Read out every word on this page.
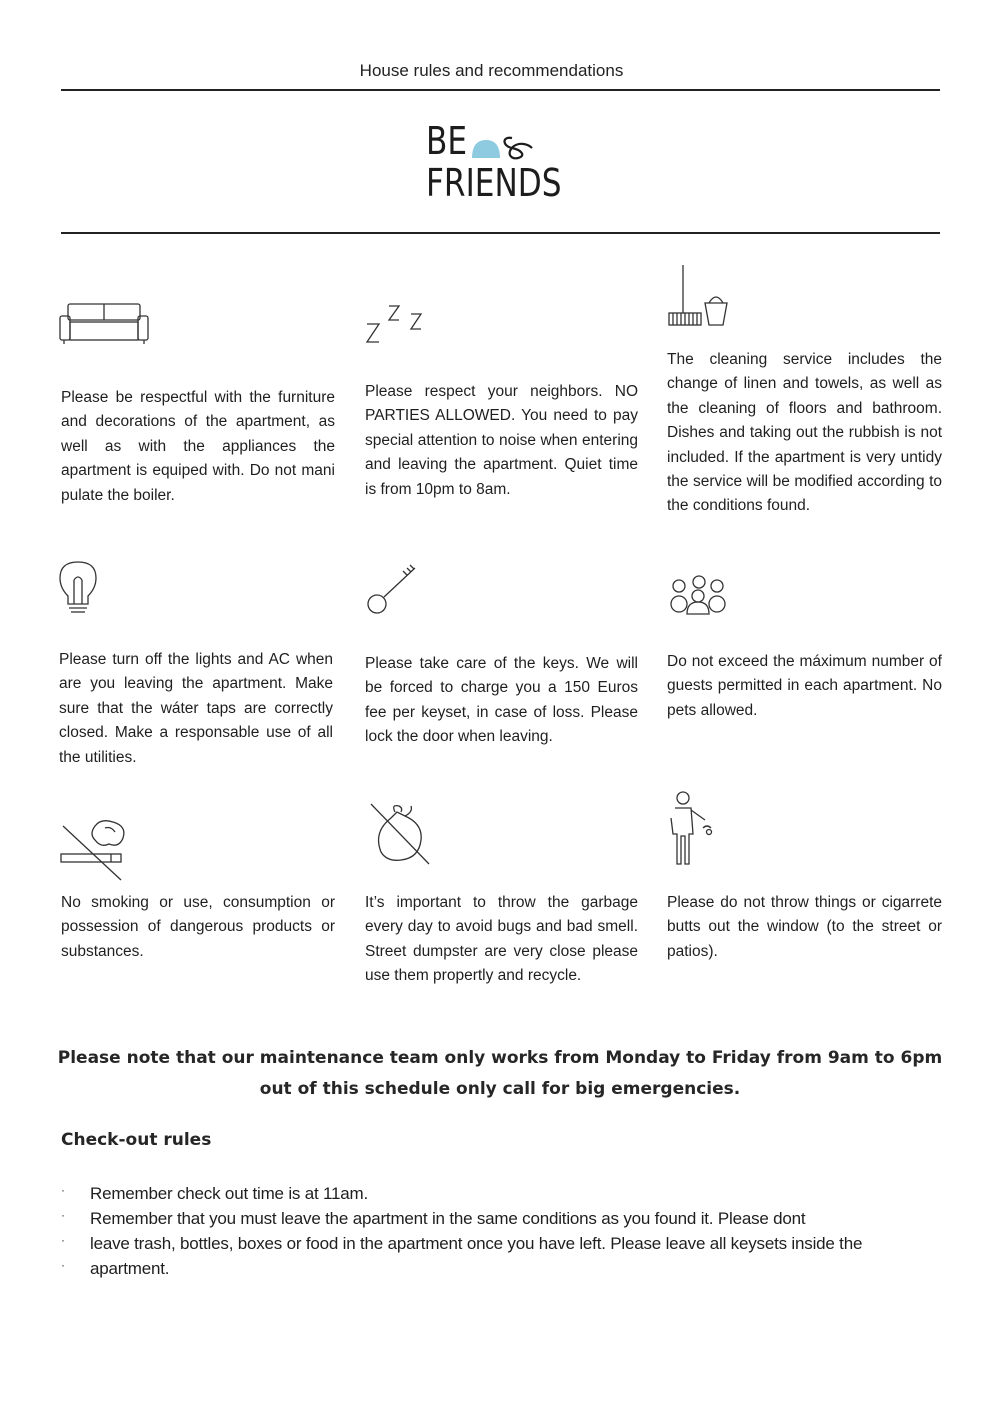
House rules and recommendations
BE
FRIENDS
Please be respectful with the furniture and decorations of the apartment, as well as with the appliances the apartment is equiped with. Do not mani pulate the boiler.
Please respect your neighbors. NO PARTIES ALLOWED. You need to pay special attention to noise when entering and leaving the apartment. Quiet time is from 10pm to 8am.
The cleaning service includes the change of linen and towels, as well as the cleaning of floors and bathroom. Dishes and taking out the rubbish is not included. If the apartment is very untidy the service will be modified according to the conditions found.
Please turn off the lights and AC when are you leaving the apartment. Make sure that the wáter taps are correctly closed. Make a responsable use of all the utilities.
Please take care of the keys. We will be forced to charge you a 150 Euros fee per keyset, in case of loss. Please lock the door when leaving.
Do not exceed the máximum number of guests permitted in each apartment. No pets allowed.
No smoking or use, consumption or possession of dangerous products or substances.
It’s important to throw the garbage every day to avoid bugs and bad smell. Street dumpster are very close please use them propertly and recycle.
Please do not throw things or cigarrete butts out the window (to the street or patios).
Please note that our maintenance team only works from Monday to Friday from 9am to 6pm
out of this schedule only call for big emergencies.
Check-out rules
·
·
·
·
Remember check out time is at 11am.
Remember that you must leave the apartment in the same conditions as you found it. Please dont
leave trash, bottles, boxes or food in the apartment once you have left. Please leave all keysets inside the
apartment.
